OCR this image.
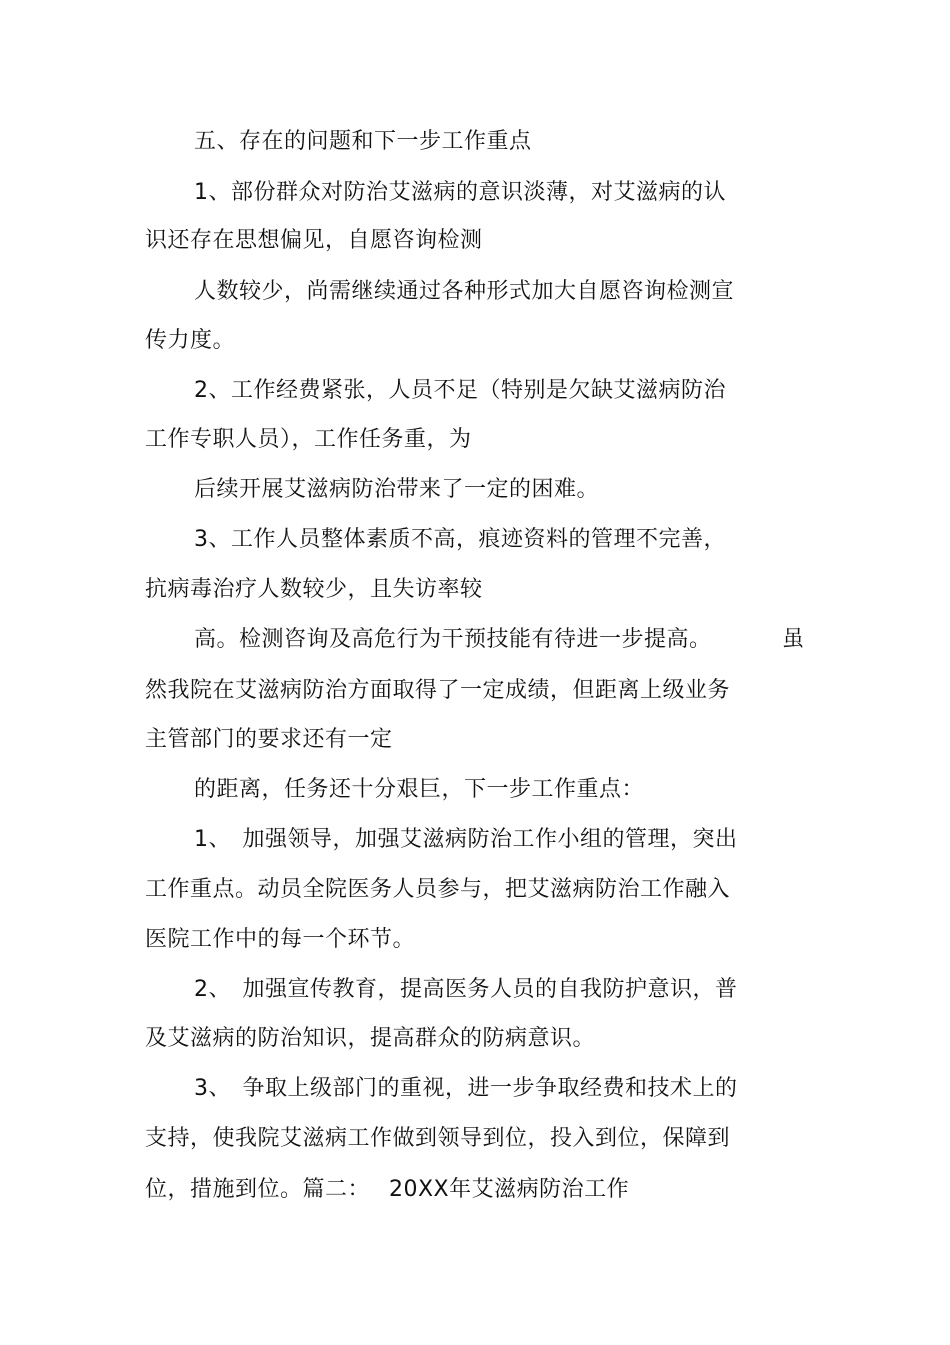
五、存在的问题和下一步工作重点
1、部份群众对防治艾滋病的意识淡薄，对艾滋病的认
识还存在思想偏见，自愿咨询检测
人数较少，尚需继续通过各种形式加大自愿咨询检测宣
传力度。
2、工作经费紧张，人员不足（特别是欠缺艾滋病防治
工作专职人员），工作任务重，为
后续开展艾滋病防治带来了一定的困难。
3、工作人员整体素质不高，痕迹资料的管理不完善，
抗病毒治疗人数较少，且失访率较
高。检测咨询及高危行为干预技能有待进一步提高。	虽
然我院在艾滋病防治方面取得了一定成绩，但距离上级业务
主管部门的要求还有一定
的距离，任务还十分艰巨，下一步工作重点：
1、　加强领导，加强艾滋病防治工作小组的管理，突出
工作重点。动员全院医务人员参与，把艾滋病防治工作融入
医院工作中的每一个环节。
2、　加强宣传教育，提高医务人员的自我防护意识，普
及艾滋病的防治知识，提高群众的防病意识。
3、　争取上级部门的重视，进一步争取经费和技术上的
支持，使我院艾滋病工作做到领导到位，投入到位，保障到
位，措施到位。篇二：　 20XX年艾滋病防治工作
